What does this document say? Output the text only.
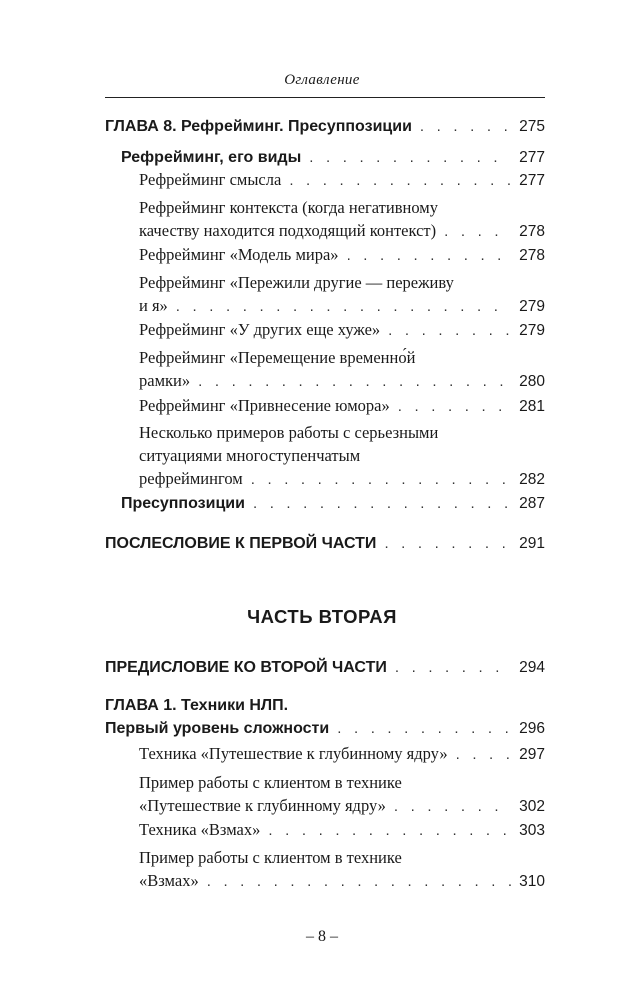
Оглавление
ГЛАВА 8. Рефрейминг. Пресуппозиции . . .	275
Рефрейминг, его виды . . .	277
Рефрейминг смысла . . .	277
Рефрейминг контекста (когда негативному
качеству находится подходящий контекст) . . .	278
Рефрейминг «Модель мира» . . .	278
Рефрейминг «Пережили другие — переживу
и я» . . .	279
Рефрейминг «У других еще хуже» . . .	279
Рефрейминг «Перемещение временно́й
рамки» . . .	280
Рефрейминг «Привнесение юмора» . . .	281
Несколько примеров работы с серьезными
ситуациями многоступенчатым
рефреймингом . . .	282
Пресуппозиции . . .	287
ПОСЛЕСЛОВИЕ К ПЕРВОЙ ЧАСТИ . . .	291
ЧАСТЬ ВТОРАЯ
ПРЕДИСЛОВИЕ КО ВТОРОЙ ЧАСТИ . . .	294
ГЛАВА 1. Техники НЛП.
Первый уровень сложности . . .	296
Техника «Путешествие к глубинному ядру» . . .	297
Пример работы с клиентом в технике
«Путешествие к глубинному ядру» . . .	302
Техника «Взмах» . . .	303
Пример работы с клиентом в технике
«Взмах» . . .	310
– 8 –
